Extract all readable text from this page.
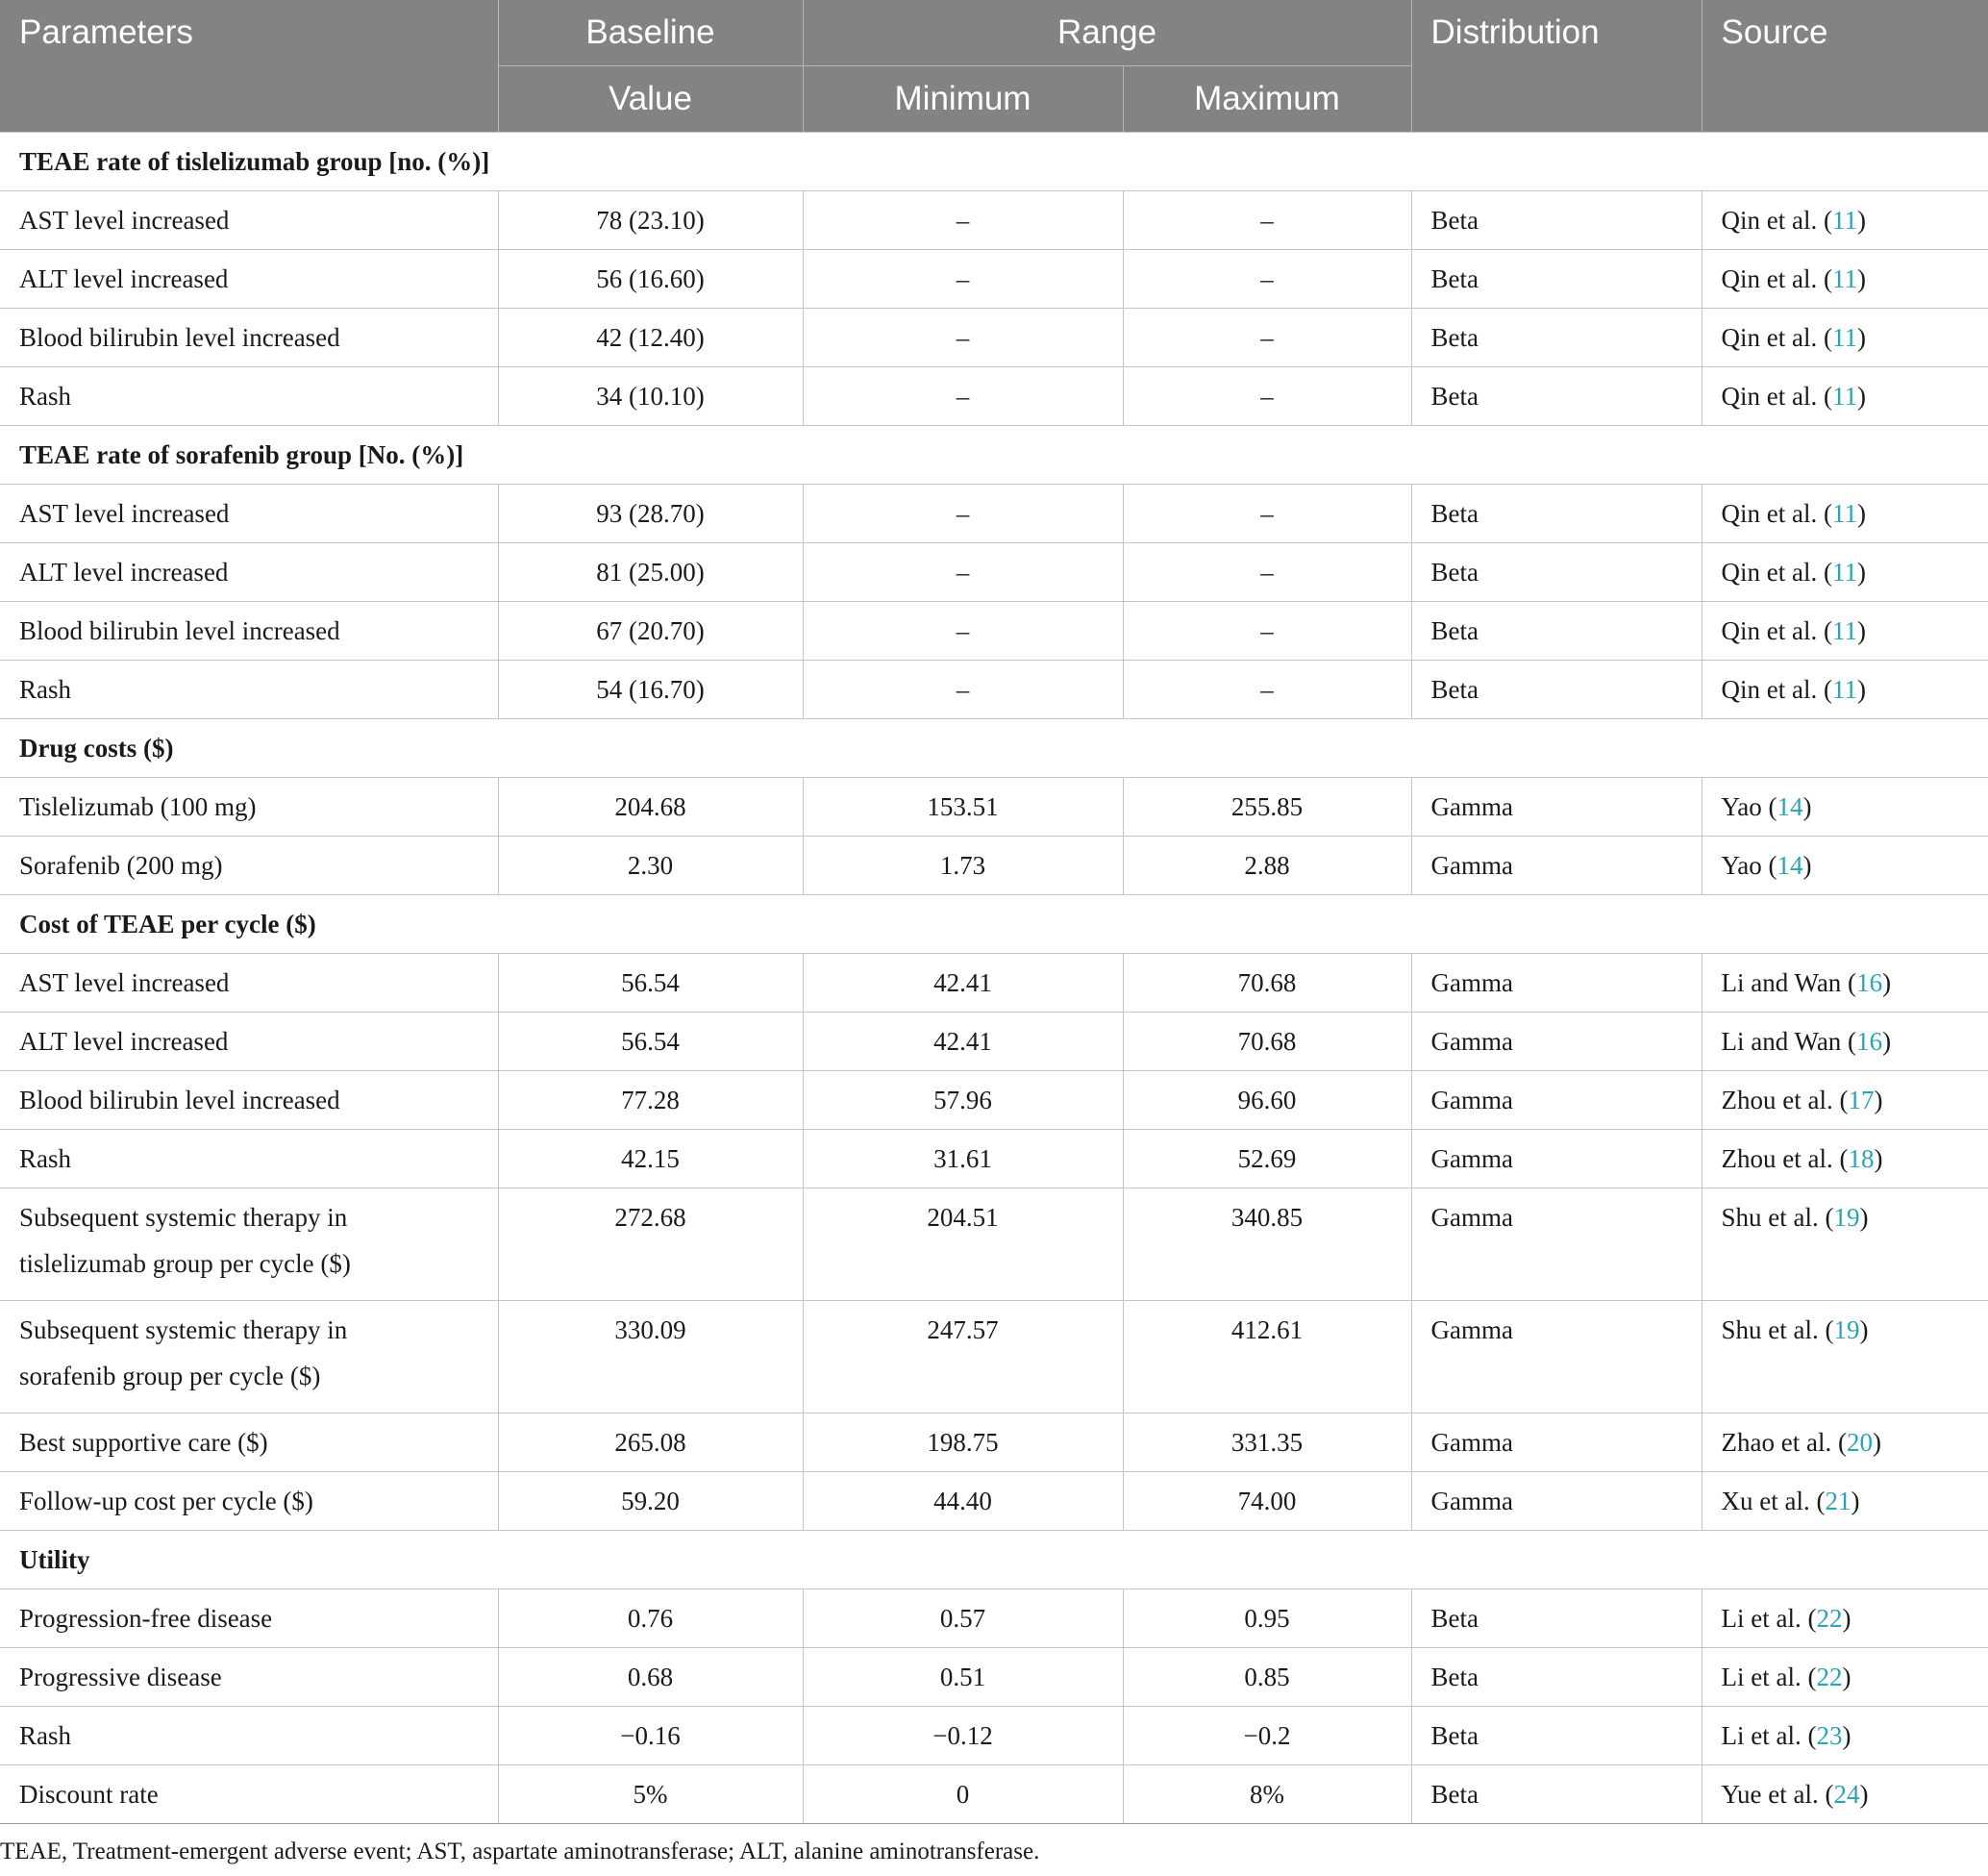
Parameters	Baseline	Range		Distribution	Source
	Value	Minimum	Maximum		
TEAE rate of tislelizumab group [no. (%)]					
AST level increased	78 (23.10)	–	–	Beta	Qin et al. (11)
ALT level increased	56 (16.60)	–	–	Beta	Qin et al. (11)
Blood bilirubin level increased	42 (12.40)	–	–	Beta	Qin et al. (11)
Rash	34 (10.10)	–	–	Beta	Qin et al. (11)
TEAE rate of sorafenib group [No. (%)]					
AST level increased	93 (28.70)	–	–	Beta	Qin et al. (11)
ALT level increased	81 (25.00)	–	–	Beta	Qin et al. (11)
Blood bilirubin level increased	67 (20.70)	–	–	Beta	Qin et al. (11)
Rash	54 (16.70)	–	–	Beta	Qin et al. (11)
Drug costs ($)					
Tislelizumab (100 mg)	204.68	153.51	255.85	Gamma	Yao (14)
Sorafenib (200 mg)	2.30	1.73	2.88	Gamma	Yao (14)
Cost of TEAE per cycle ($)					
AST level increased	56.54	42.41	70.68	Gamma	Li and Wan (16)
ALT level increased	56.54	42.41	70.68	Gamma	Li and Wan (16)
Blood bilirubin level increased	77.28	57.96	96.60	Gamma	Zhou et al. (17)
Rash	42.15	31.61	52.69	Gamma	Zhou et al. (18)
Subsequent systemic therapy in
tislelizumab group per cycle ($)	272.68	204.51	340.85	Gamma	Shu et al. (19)
Subsequent systemic therapy in
sorafenib group per cycle ($)	330.09	247.57	412.61	Gamma	Shu et al. (19)
Best supportive care ($)	265.08	198.75	331.35	Gamma	Zhao et al. (20)
Follow-up cost per cycle ($)	59.20	44.40	74.00	Gamma	Xu et al. (21)
Utility					
Progression-free disease	0.76	0.57	0.95	Beta	Li et al. (22)
Progressive disease	0.68	0.51	0.85	Beta	Li et al. (22)
Rash	−0.16	−0.12	−0.2	Beta	Li et al. (23)
Discount rate	5%	0	8%	Beta	Yue et al. (24)
TEAE, Treatment-emergent adverse event; AST, aspartate aminotransferase; ALT, alanine aminotransferase.
